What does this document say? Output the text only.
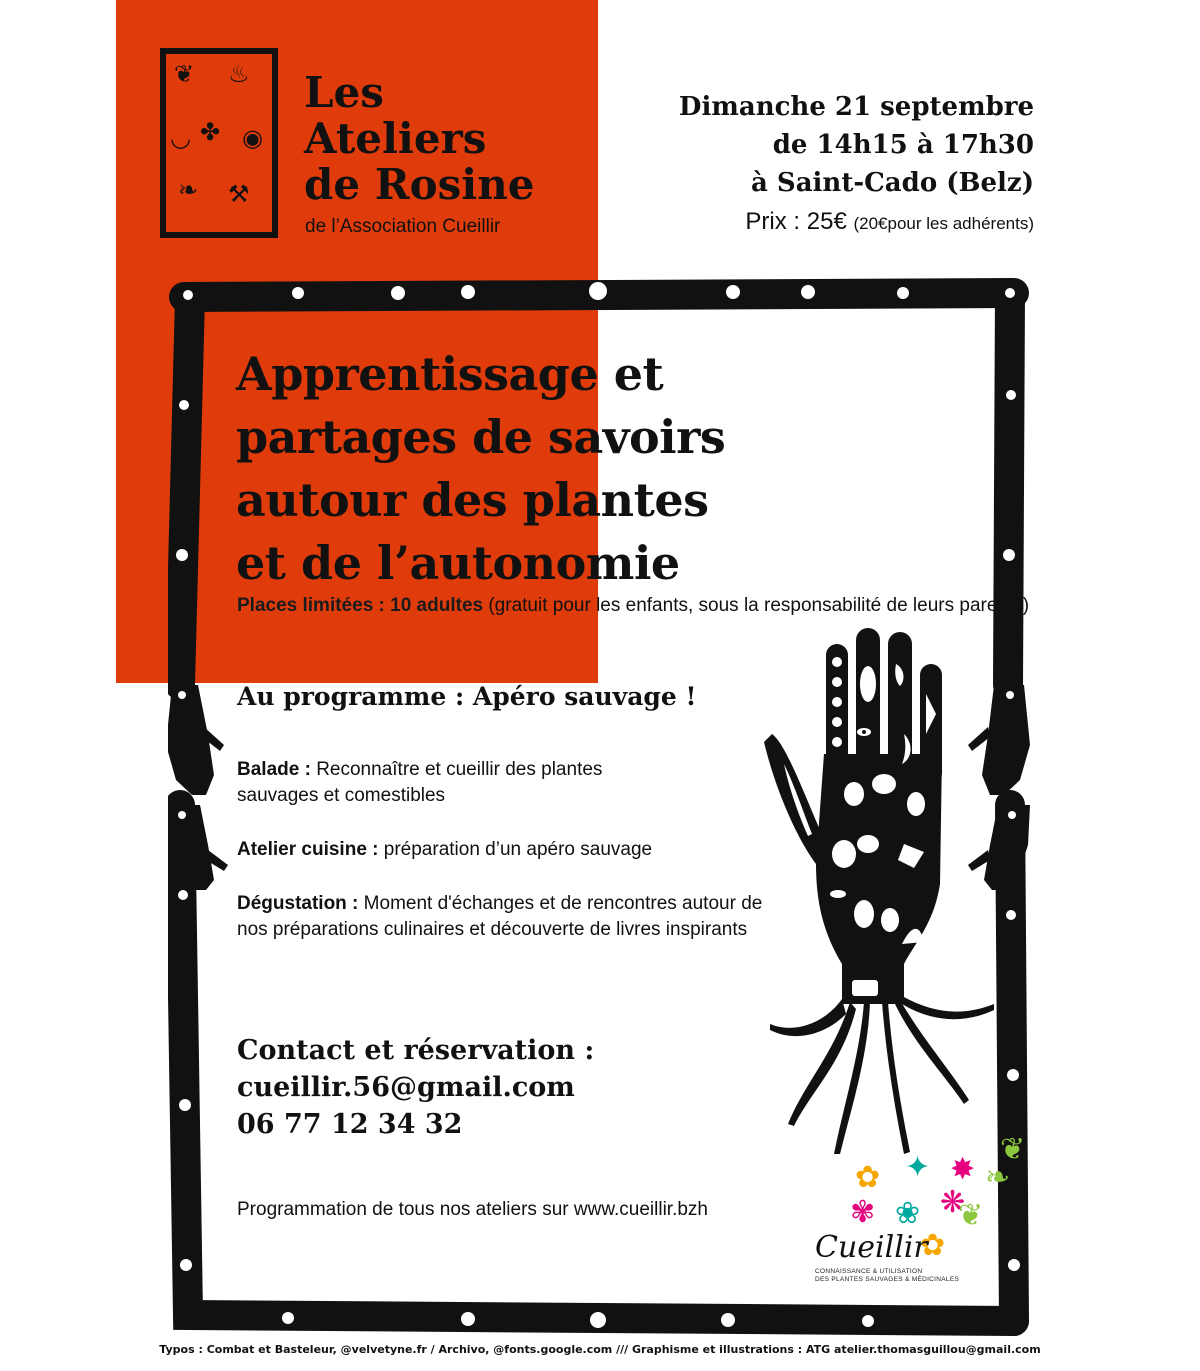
❦ ♨
✤
◡ ◉
❧ ⚒
Les
Ateliers
de Rosine
de l’Association Cueillir
Dimanche 21 septembre
de 14h15 à 17h30
à Saint-Cado (Belz)
Prix : 25€ (20€pour les adhérents)
Apprentissage et
partages de savoirs
autour des plantes
et de l’autonomie
Places limitées : 10 adultes (gratuit pour les enfants, sous la responsabilité de leurs parents)
Au programme : Apéro sauvage !
Balade : Reconnaître et cueillir des plantes sauvages et comestibles
Atelier cuisine : préparation d’un apéro sauvage
Dégustation : Moment d'échanges et de rencontres autour de nos préparations culinaires et découverte de livres inspirants
Contact et réservation :
cueillir.56@gmail.com
06 77 12 34 32
Programmation de tous nos ateliers sur www.cueillir.bzh
❦
✿ ✦ ✸ ❧
✾ ❀ ❋
❦
✿
Cueillir
CONNAISSANCE & UTILISATION
DES PLANTES SAUVAGES & MÉDICINALES
Typos : Combat et Basteleur, @velvetyne.fr / Archivo, @fonts.google.com /// Graphisme et illustrations : ATG atelier.thomasguillou@gmail.com
